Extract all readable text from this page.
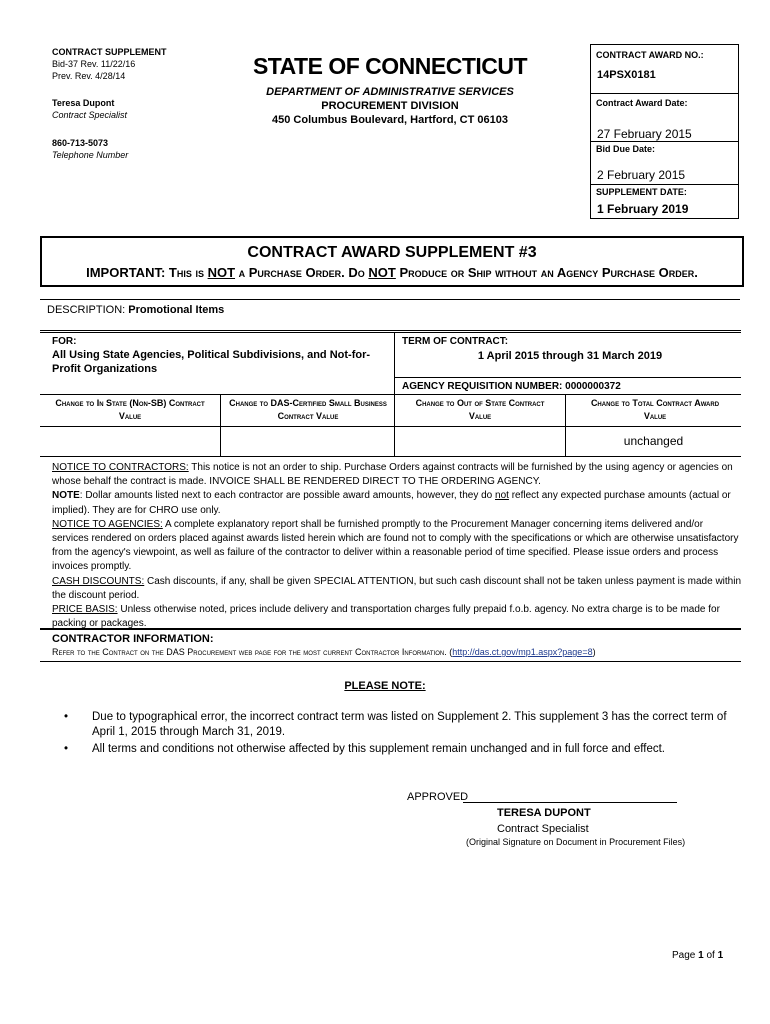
CONTRACT SUPPLEMENT
Bid-37 Rev. 11/22/16
Prev. Rev. 4/28/14
Teresa Dupont
Contract Specialist
860-713-5073
Telephone Number
STATE OF CONNECTICUT
DEPARTMENT OF ADMINISTRATIVE SERVICES
PROCUREMENT DIVISION
450 Columbus Boulevard, Hartford, CT 06103
CONTRACT AWARD NO.:
14PSX0181
Contract Award Date:
27 February 2015
Bid Due Date:
2 February 2015
SUPPLEMENT DATE:
1 February 2019
CONTRACT AWARD SUPPLEMENT #3
IMPORTANT: This is NOT a Purchase Order. Do NOT Produce or Ship without an Agency Purchase Order.
DESCRIPTION: Promotional Items
FOR:
All Using State Agencies, Political Subdivisions, and Not-for-Profit Organizations
TERM OF CONTRACT:
1 April 2015 through 31 March 2019
AGENCY REQUISITION NUMBER: 0000000372
Change to In State (Non-SB) Contract Value
Change to DAS-Certified Small Business Contract Value
Change to Out of State Contract Value
Change to Total Contract Award Value
unchanged

NOTICE TO CONTRACTORS: This notice is not an order to ship. Purchase Orders against contracts will be furnished by the using agency or agencies on whose behalf the contract is made. INVOICE SHALL BE RENDERED DIRECT TO THE ORDERING AGENCY.

NOTE: Dollar amounts listed next to each contractor are possible award amounts, however, they do not reflect any expected purchase amounts (actual or implied). They are for CHRO use only.

NOTICE TO AGENCIES: A complete explanatory report shall be furnished promptly to the Procurement Manager concerning items delivered and/or services rendered on orders placed against awards listed herein which are found not to comply with the specifications or which are otherwise unsatisfactory from the agency's viewpoint, as well as failure of the contractor to deliver within a reasonable period of time specified. Please issue orders and process invoices promptly.

CASH DISCOUNTS: Cash discounts, if any, shall be given SPECIAL ATTENTION, but such cash discount shall not be taken unless payment is made within the discount period.

PRICE BASIS: Unless otherwise noted, prices include delivery and transportation charges fully prepaid f.o.b. agency. No extra charge is to be made for packing or packages.

CONTRACTOR INFORMATION:
Refer to the Contract on the DAS Procurement web page for the most current Contractor Information. (http://das.ct.gov/mp1.aspx?page=8)
PLEASE NOTE:
• Due to typographical error, the incorrect contract term was listed on Supplement 2. This supplement 3 has the correct term of April 1, 2015 through March 31, 2019.
• All terms and conditions not otherwise affected by this supplement remain unchanged and in full force and effect.
APPROVED
TERESA DUPONT
Contract Specialist
(Original Signature on Document in Procurement Files)
Page 1 of 1
